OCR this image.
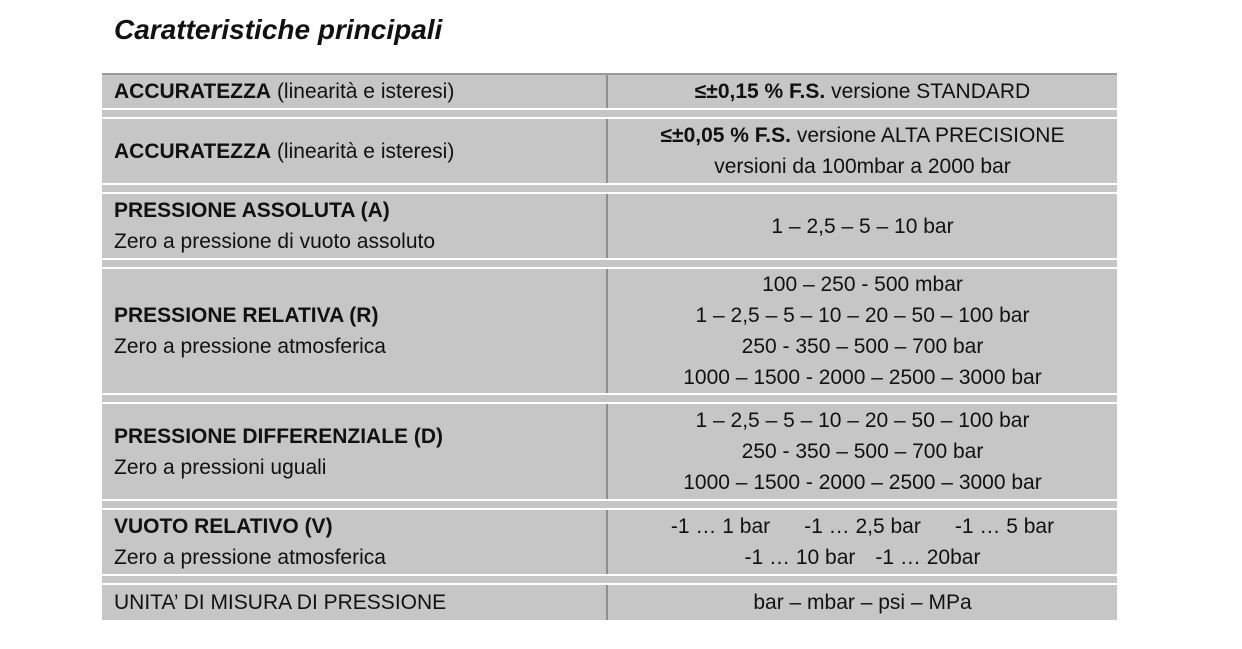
Caratteristiche principali
ACCURATEZZA (linearità e isteresi)	≤±0,15 % F.S. versione STANDARD
ACCURATEZZA (linearità e isteresi)
≤±0,05 % F.S. versione ALTA PRECISIONE
versioni da 100mbar a 2000 bar
PRESSIONE ASSOLUTA (A)
Zero a pressione di vuoto assoluto
1 – 2,5 – 5 – 10 bar
PRESSIONE RELATIVA (R)
Zero a pressione atmosferica
100 – 250 - 500 mbar
1 – 2,5 – 5 – 10 – 20 – 50 – 100 bar
250 - 350 – 500 – 700 bar
1000 – 1500 - 2000 – 2500 – 3000 bar
PRESSIONE DIFFERENZIALE (D)
Zero a pressioni uguali
1 – 2,5 – 5 – 10 – 20 – 50 – 100 bar
250 - 350 – 500 – 700 bar
1000 – 1500 - 2000 – 2500 – 3000 bar
VUOTO RELATIVO (V)
Zero a pressione atmosferica
-1 … 1 bar -1 … 2,5 bar -1 … 5 bar
-1 … 10 bar -1 … 20bar
UNITA’ DI MISURA DI PRESSIONE	bar – mbar – psi – MPa
